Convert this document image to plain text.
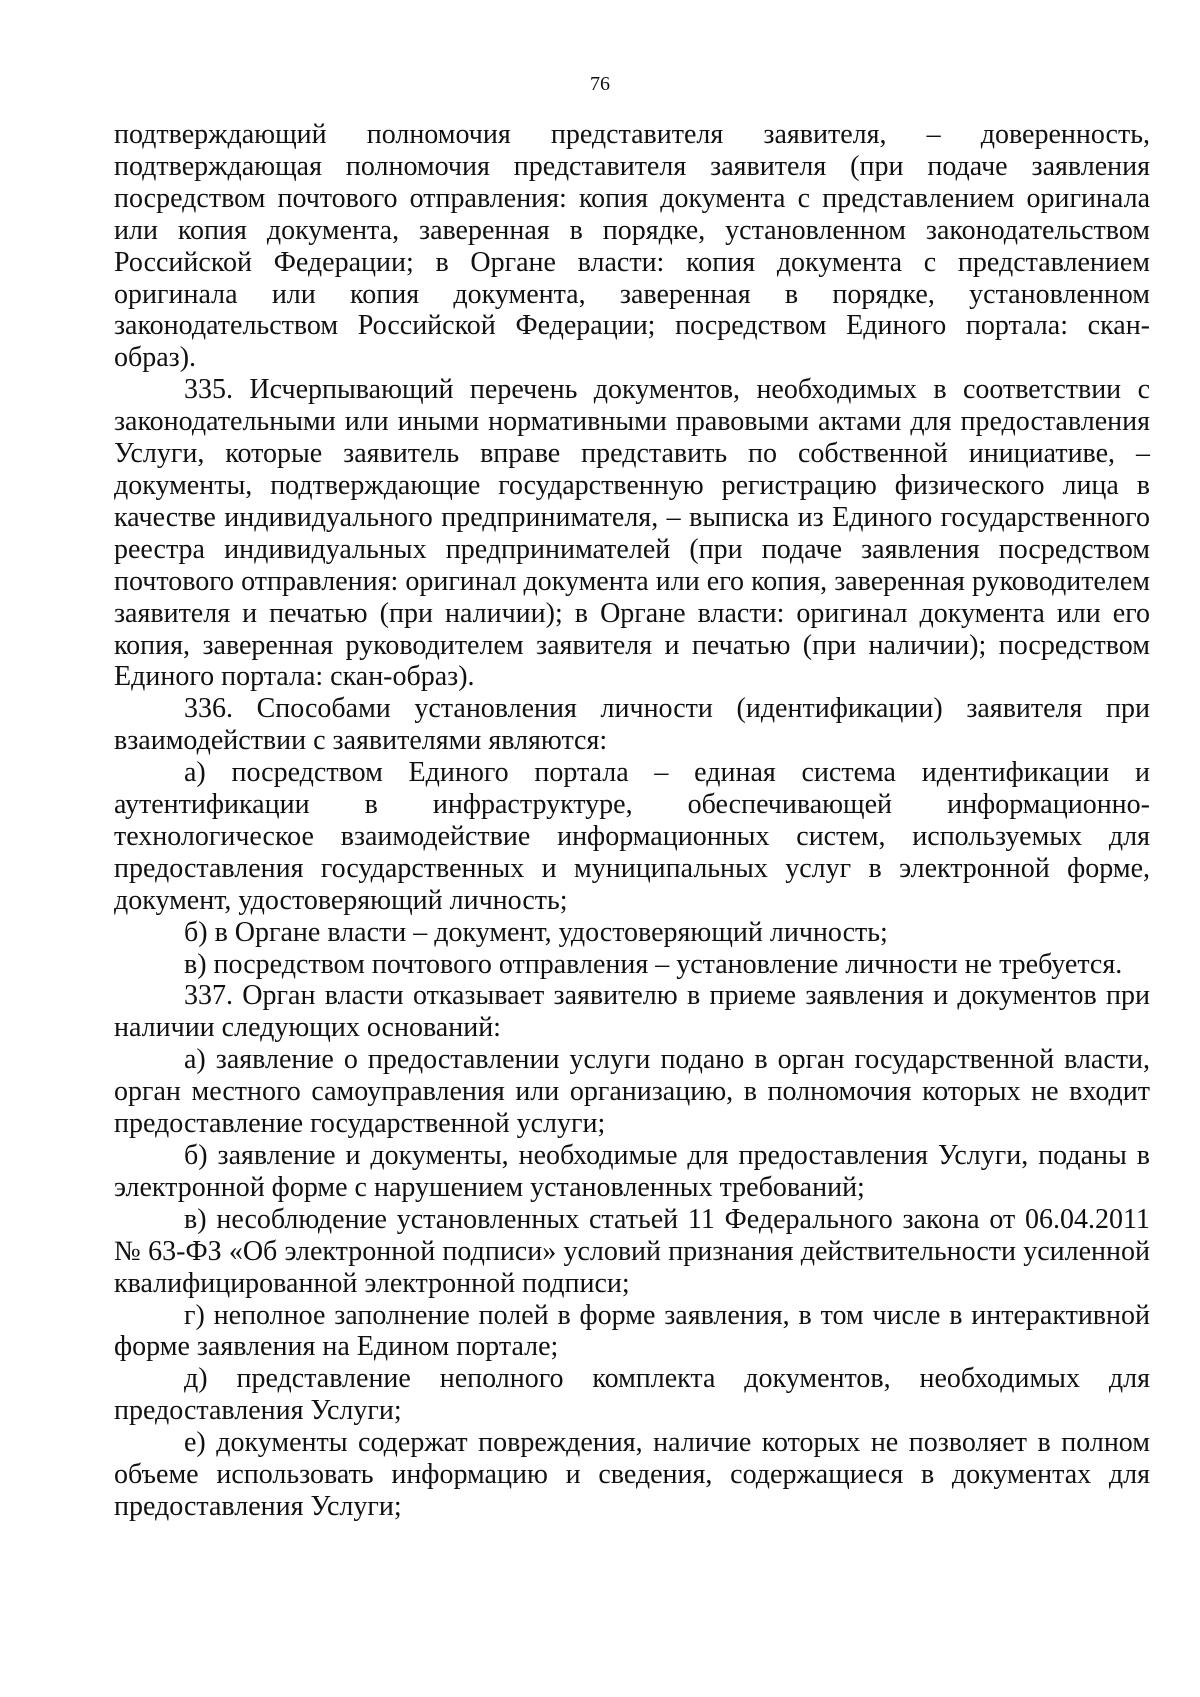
76

подтверждающий полномочия представителя заявителя, – доверенность, подтверждающая полномочия представителя заявителя (при подаче заявления посредством почтового отправления: копия документа с представлением оригинала или копия документа, заверенная в порядке, установленном законодательством Российской Федерации; в Органе власти: копия документа с представлением оригинала или копия документа, заверенная в порядке, установленном законодательством Российской Федерации; посредством Единого портала: скан-образ).

335. Исчерпывающий перечень документов, необходимых в соответствии с законодательными или иными нормативными правовыми актами для предоставления Услуги, которые заявитель вправе представить по собственной инициативе, – документы, подтверждающие государственную регистрацию физического лица в качестве индивидуального предпринимателя, – выписка из Единого государственного реестра индивидуальных предпринимателей (при подаче заявления посредством почтового отправления: оригинал документа или его копия, заверенная руководителем заявителя и печатью (при наличии); в Органе власти: оригинал документа или его копия, заверенная руководителем заявителя и печатью (при наличии); посредством Единого портала: скан-образ).

336. Способами установления личности (идентификации) заявителя при взаимодействии с заявителями являются:

а) посредством Единого портала – единая система идентификации и аутентификации в инфраструктуре, обеспечивающей информационно-технологическое взаимодействие информационных систем, используемых для предоставления государственных и муниципальных услуг в электронной форме, документ, удостоверяющий личность;

б) в Органе власти – документ, удостоверяющий личность;

в) посредством почтового отправления – установление личности не требуется.

337. Орган власти отказывает заявителю в приеме заявления и документов при наличии следующих оснований:

а) заявление о предоставлении услуги подано в орган государственной власти, орган местного самоуправления или организацию, в полномочия которых не входит предоставление государственной услуги;

б) заявление и документы, необходимые для предоставления Услуги, поданы в электронной форме с нарушением установленных требований;

в) несоблюдение установленных статьей 11 Федерального закона от 06.04.2011 № 63-ФЗ «Об электронной подписи» условий признания действительности усиленной квалифицированной электронной подписи;

г) неполное заполнение полей в форме заявления, в том числе в интерактивной форме заявления на Едином портале;

д) представление неполного комплекта документов, необходимых для предоставления Услуги;

е) документы содержат повреждения, наличие которых не позволяет в полном объеме использовать информацию и сведения, содержащиеся в документах для предоставления Услуги;
